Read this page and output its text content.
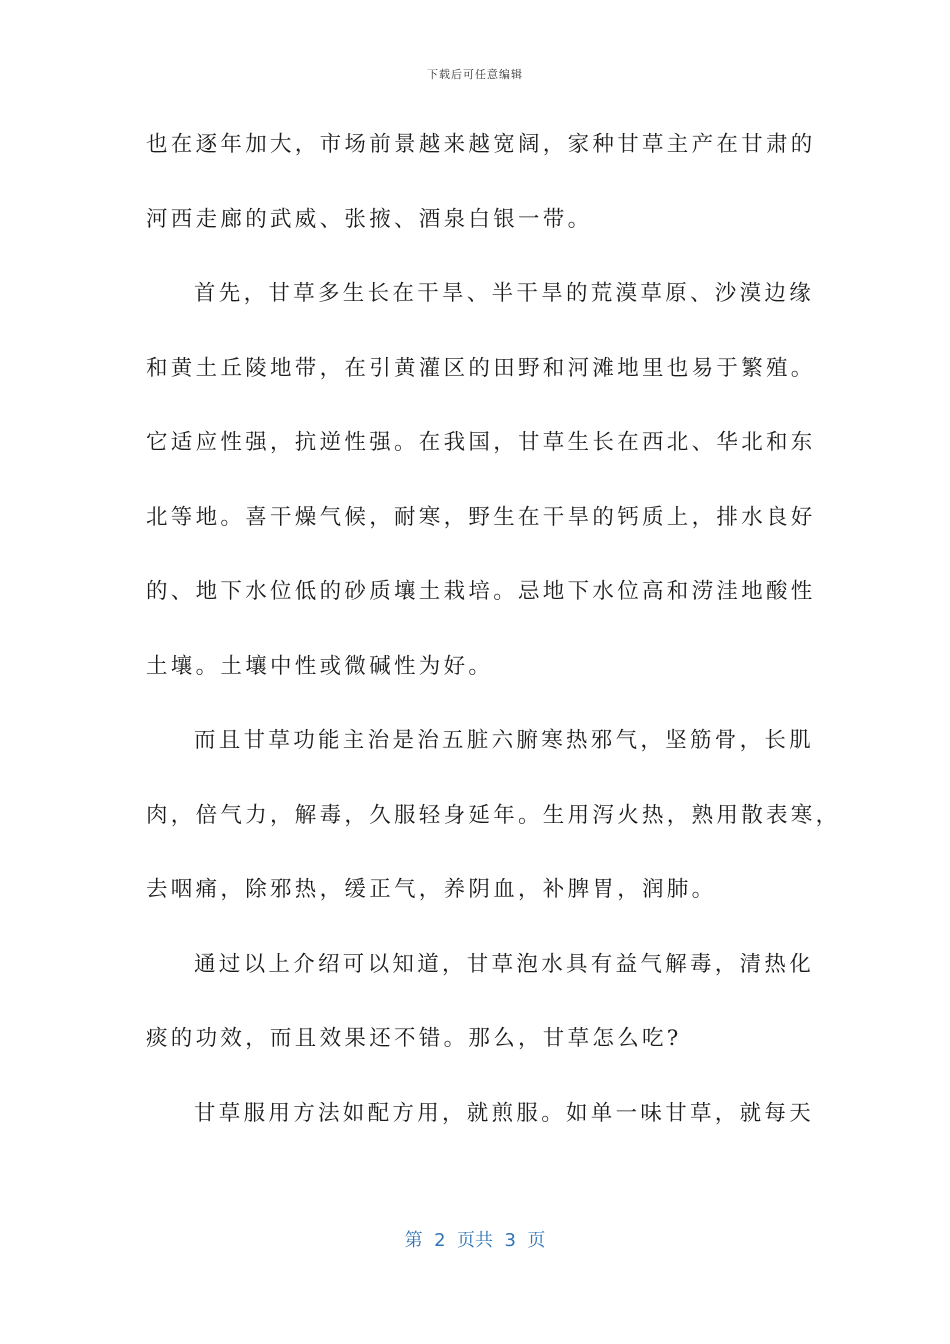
下载后可任意编辑
也在逐年加大，市场前景越来越宽阔，家种甘草主产在甘肃的
河西走廊的武威、张掖、酒泉白银一带。
首先，甘草多生长在干旱、半干旱的荒漠草原、沙漠边缘
和黄土丘陵地带，在引黄灌区的田野和河滩地里也易于繁殖。
它适应性强，抗逆性强。在我国，甘草生长在西北、华北和东
北等地。喜干燥气候，耐寒，野生在干旱的钙质上，排水良好
的、地下水位低的砂质壤土栽培。忌地下水位高和涝洼地酸性
土壤。土壤中性或微碱性为好。
而且甘草功能主治是治五脏六腑寒热邪气，坚筋骨，长肌
肉，倍气力，解毒，久服轻身延年。生用泻火热，熟用散表寒，
去咽痛，除邪热，缓正气，养阴血，补脾胃，润肺。
通过以上介绍可以知道，甘草泡水具有益气解毒，清热化
痰的功效，而且效果还不错。那么，甘草怎么吃?
甘草服用方法如配方用，就煎服。如单一味甘草，就每天
第  2  页共  3  页
